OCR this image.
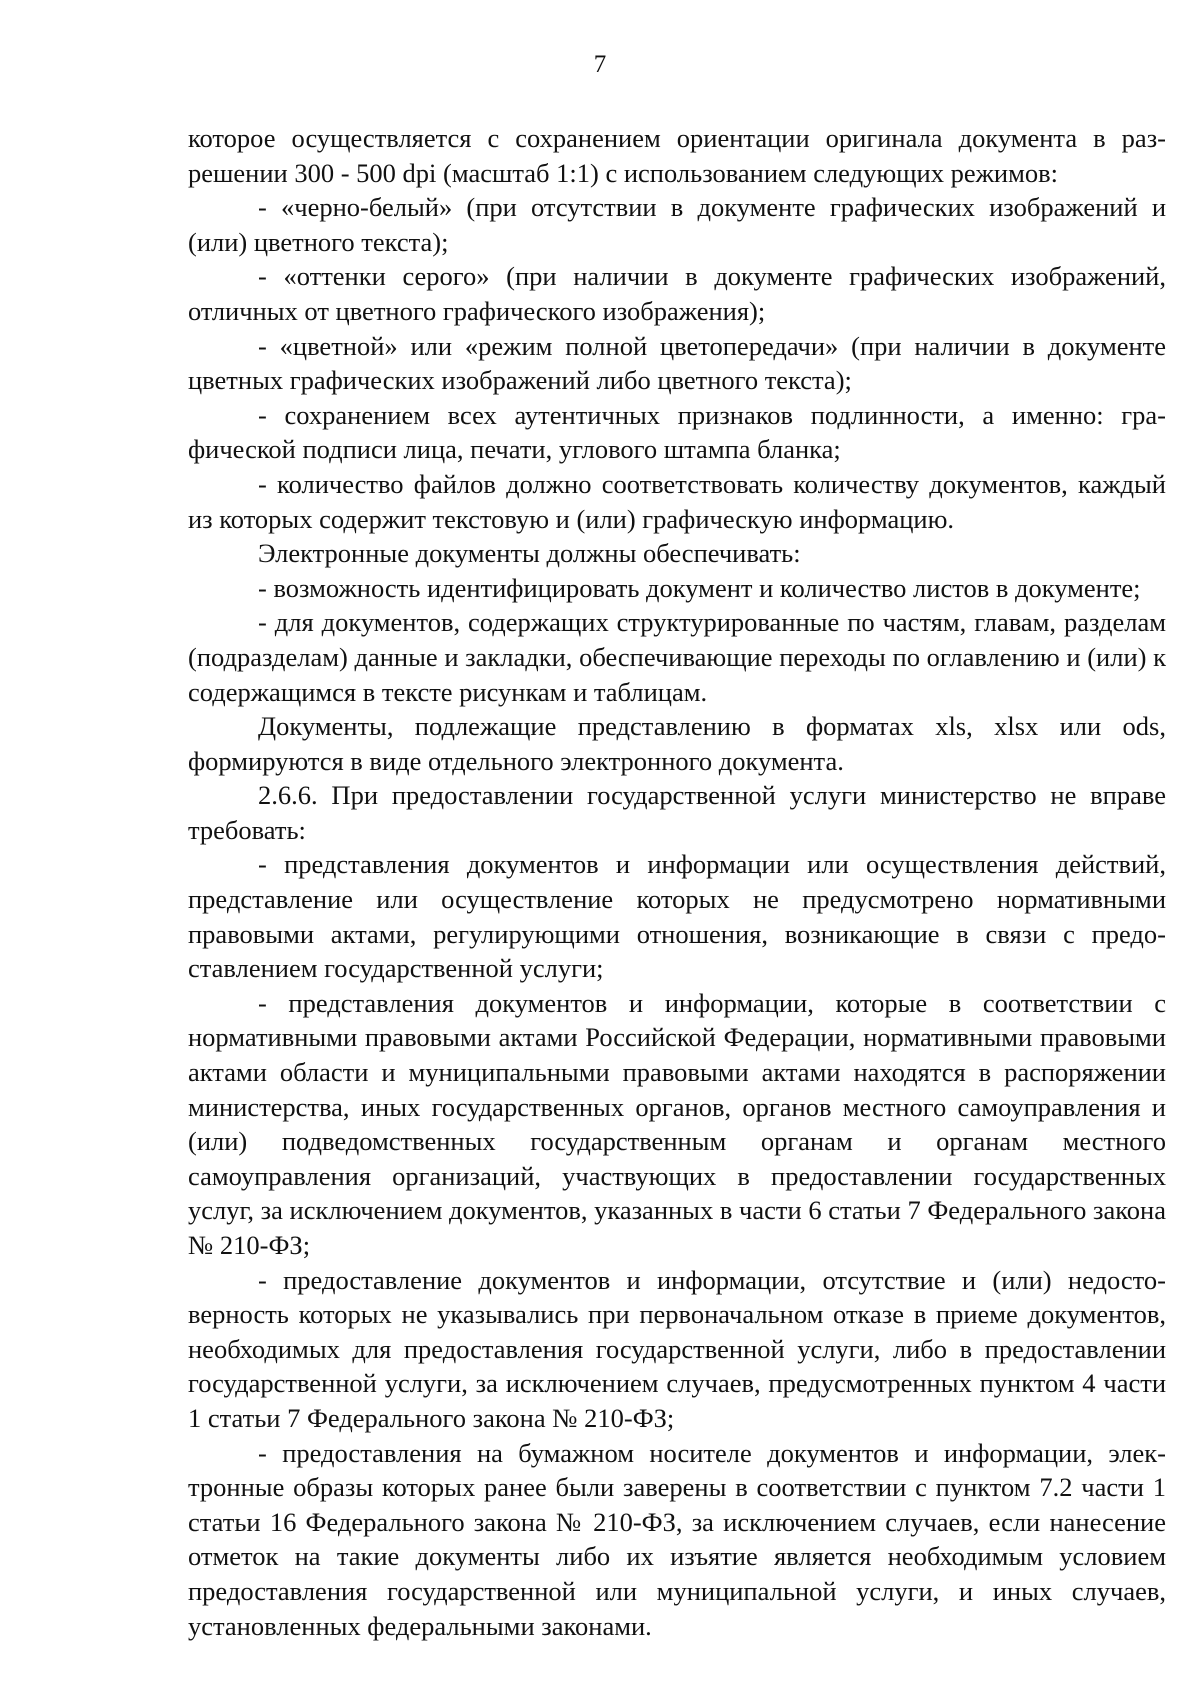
7

которое осуществляется с сохранением ориентации оригинала документа в разрешении 300 - 500 dpi (масштаб 1:1) с использованием следующих режимов:

- «черно-белый» (при отсутствии в документе графических изображений и (или) цветного текста);

- «оттенки серого» (при наличии в документе графических изображений, отличных от цветного графического изображения);

- «цветной» или «режим полной цветопередачи» (при наличии в документе цветных графических изображений либо цветного текста);

- сохранением всех аутентичных признаков подлинности, а именно: графической подписи лица, печати, углового штампа бланка;

- количество файлов должно соответствовать количеству документов, каждый из которых содержит текстовую и (или) графическую информацию.

Электронные документы должны обеспечивать:

- возможность идентифицировать документ и количество листов в документе;

- для документов, содержащих структурированные по частям, главам, разделам (подразделам) данные и закладки, обеспечивающие переходы по оглавлению и (или) к содержащимся в тексте рисункам и таблицам.

Документы, подлежащие представлению в форматах xls, xlsx или ods, формируются в виде отдельного электронного документа.

2.6.6. При предоставлении государственной услуги министерство не вправе требовать:

- представления документов и информации или осуществления действий, представление или осуществление которых не предусмотрено нормативными правовыми актами, регулирующими отношения, возникающие в связи с предоставлением государственной услуги;

- представления документов и информации, которые в соответствии с нормативными правовыми актами Российской Федерации, нормативными правовыми актами области и муниципальными правовыми актами находятся в распоряжении министерства, иных государственных органов, органов местного самоуправления и (или) подведомственных государственным органам и органам местного самоуправления организаций, участвующих в предоставлении государственных услуг, за исключением документов, указанных в части 6 статьи 7 Федерального закона № 210-ФЗ;

- предоставление документов и информации, отсутствие и (или) недостоверность которых не указывались при первоначальном отказе в приеме документов, необходимых для предоставления государственной услуги, либо в предоставлении государственной услуги, за исключением случаев, предусмотренных пунктом 4 части 1 статьи 7 Федерального закона № 210-ФЗ;

- предоставления на бумажном носителе документов и информации, электронные образы которых ранее были заверены в соответствии с пунктом 7.2 части 1 статьи 16 Федерального закона № 210-ФЗ, за исключением случаев, если нанесение отметок на такие документы либо их изъятие является необходимым условием предоставления государственной или муниципальной услуги, и иных случаев, установленных федеральными законами.
